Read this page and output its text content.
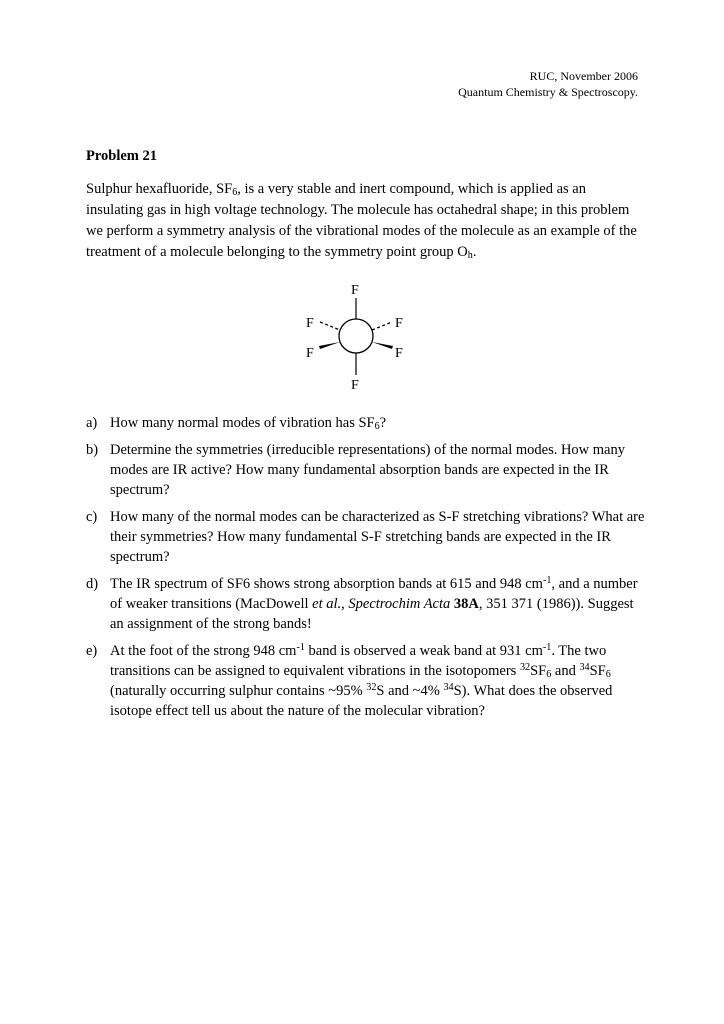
RUC, November 2006
Quantum Chemistry & Spectroscopy.
Problem 21
Sulphur hexafluoride, $SF_6$, is a very stable and inert compound, which is applied as an insulating gas in high voltage technology. The molecule has octahedral shape; in this problem we perform a symmetry analysis of the vibrational modes of the molecule as an example of the treatment of a molecule belonging to the symmetry point group $O_h$.
F
F	F
F	F
F
a) How many normal modes of vibration has $SF_6$?
b) Determine the symmetries (irreducible representations) of the normal modes. How many modes are IR active? How many fundamental absorption bands are expected in the IR spectrum?
c) How many of the normal modes can be characterized as S-F stretching vibrations? What are their symmetries? How many fundamental S-F stretching bands are expected in the IR spectrum?
d) The IR spectrum of SF6 shows strong absorption bands at 615 and 948 $cm^{-1}$, and a number of weaker transitions (MacDowell et al., Spectrochim Acta 38A, 351 371 (1986)). Suggest an assignment of the strong bands!
e) At the foot of the strong 948 $cm^{-1}$ band is observed a weak band at 931 $cm^{-1}$. The two transitions can be assigned to equivalent vibrations in the isotopomers $^{32}SF_6$ and $^{34}SF_6$ (naturally occurring sulphur contains ~95% $^{32}$S and ~4% $^{34}$S). What does the observed isotope effect tell us about the nature of the molecular vibration?
